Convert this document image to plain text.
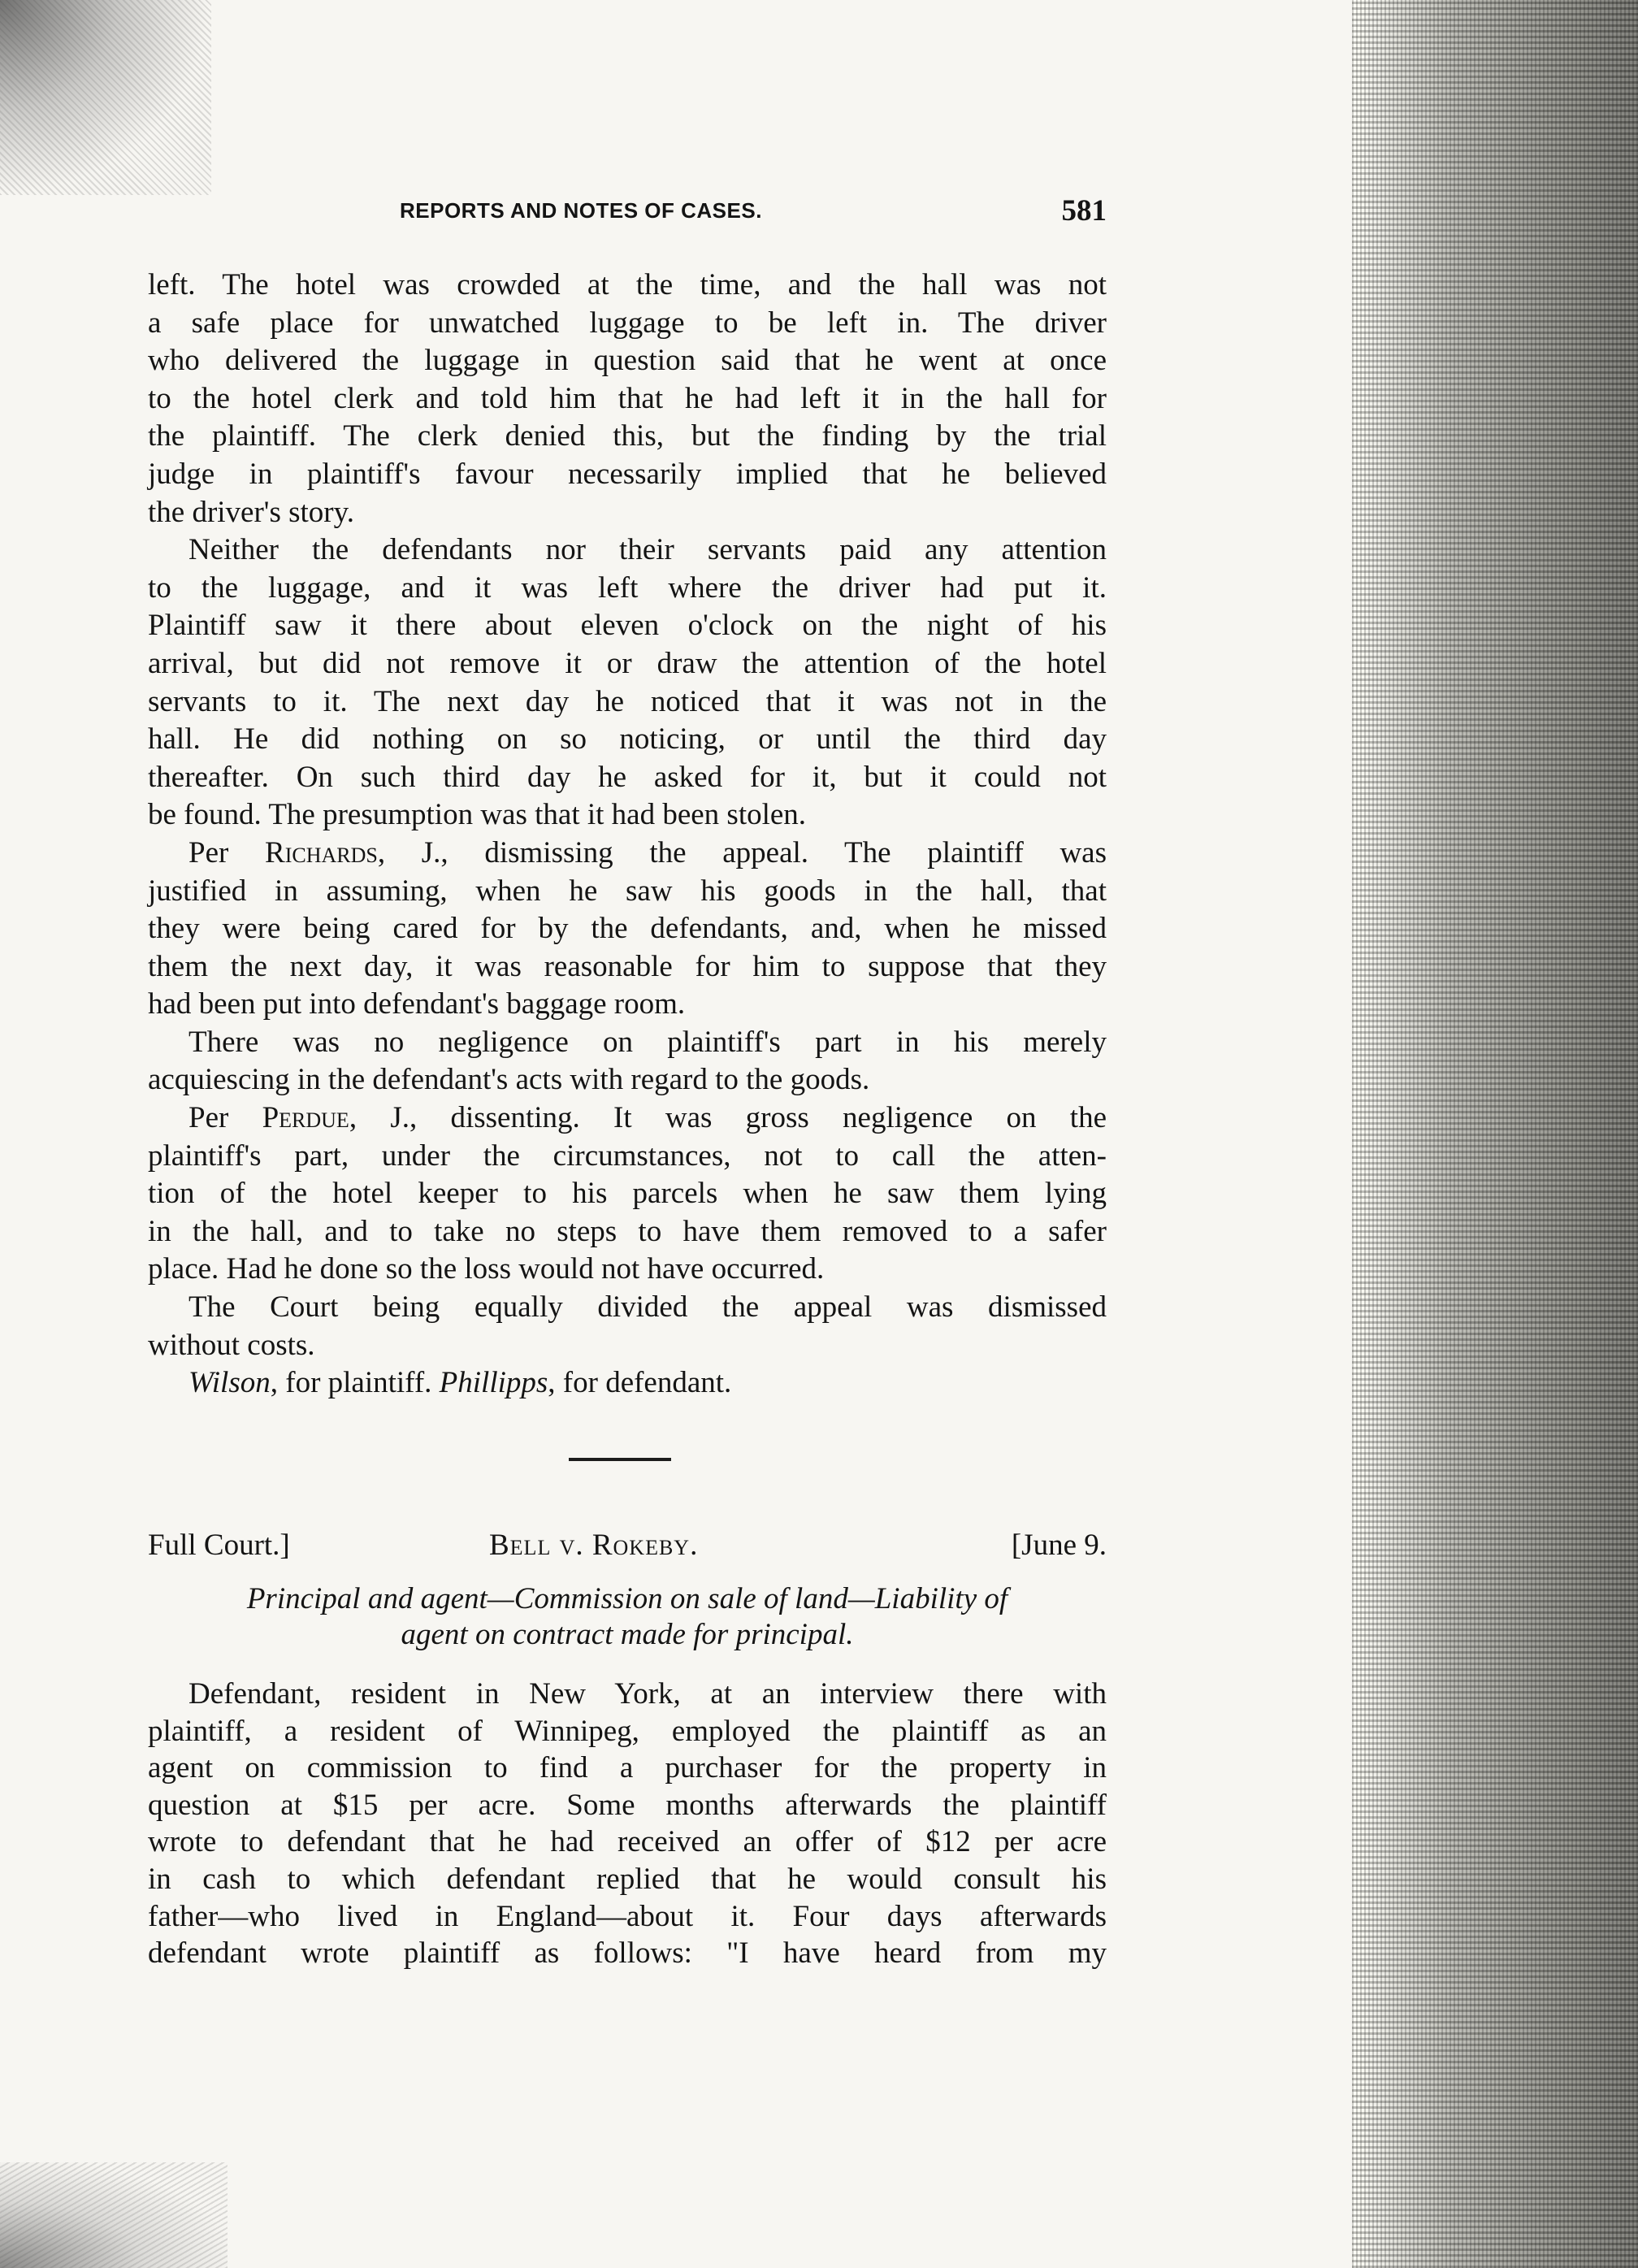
REPORTS AND NOTES OF CASES.	581

left. The hotel was crowded at the time, and the hall was not
a safe place for unwatched luggage to be left in. The driver
who delivered the luggage in question said that he went at once
to the hotel clerk and told him that he had left it in the hall for
the plaintiff. The clerk denied this, but the finding by the trial
judge in plaintiff's favour necessarily implied that he believed

the driver's story.

Neither the defendants nor their servants paid any attention
to the luggage, and it was left where the driver had put it.
Plaintiff saw it there about eleven o'clock on the night of his
arrival, but did not remove it or draw the attention of the hotel
servants to it. The next day he noticed that it was not in the
hall. He did nothing on so noticing, or until the third day
thereafter. On such third day he asked for it, but it could not

be found. The presumption was that it had been stolen.

Per Richards, J., dismissing the appeal. The plaintiff was
justified in assuming, when he saw his goods in the hall, that
they were being cared for by the defendants, and, when he missed
them the next day, it was reasonable for him to suppose that they

had been put into defendant's baggage room.

There was no negligence on plaintiff's part in his merely

acquiescing in the defendant's acts with regard to the goods.

Per Perdue, J., dissenting. It was gross negligence on the
plaintiff's part, under the circumstances, not to call the atten-
tion of the hotel keeper to his parcels when he saw them lying
in the hall, and to take no steps to have them removed to a safer

place. Had he done so the loss would not have occurred.

The Court being equally divided the appeal was dismissed

without costs.

Wilson, for plaintiff. Phillipps, for defendant.

Full Court.]	Bell v. Rokeby.	[June 9.
Principal and agent—Commission on sale of land—Liability of
agent on contract made for principal.

Defendant, resident in New York, at an interview there with
plaintiff, a resident of Winnipeg, employed the plaintiff as an
agent on commission to find a purchaser for the property in
question at $15 per acre. Some months afterwards the plaintiff
wrote to defendant that he had received an offer of $12 per acre
in cash to which defendant replied that he would consult his
father—who lived in England—about it. Four days afterwards
defendant wrote plaintiff as follows: "I have heard from my
